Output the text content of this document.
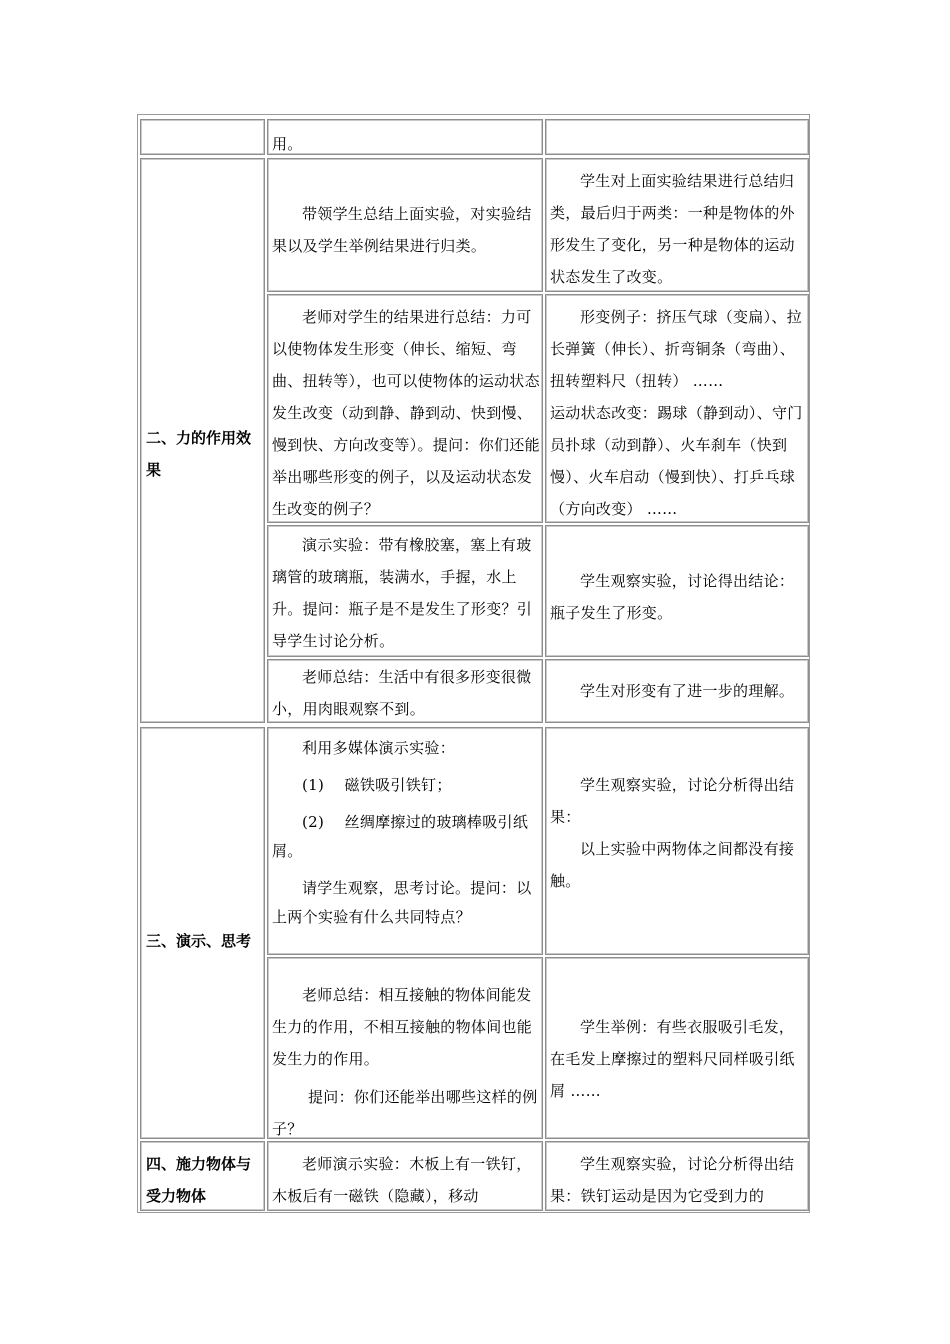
用。

二、力的作用效果

带领学生总结上面实验，对实验结果以及学生举例结果进行归类。

学生对上面实验结果进行总结归类，最后归于两类：一种是物体的外形发生了变化，另一种是物体的运动状态发生了改变。

老师对学生的结果进行总结：力可以使物体发生形变（伸长、缩短、弯曲、扭转等），也可以使物体的运动状态发生改变（动到静、静到动、快到慢、慢到快、方向改变等）。提问：你们还能举出哪些形变的例子，以及运动状态发生改变的例子？

形变例子：挤压气球（变扁）、拉长弹簧（伸长）、折弯铜条（弯曲）、扭转塑料尺（扭转） ……

运动状态改变：踢球（静到动）、守门员扑球（动到静）、火车刹车（快到慢）、火车启动（慢到快）、打乒乓球（方向改变） ……

演示实验：带有橡胶塞，塞上有玻璃管的玻璃瓶，装满水，手握，水上升。提问：瓶子是不是发生了形变？引导学生讨论分析。

学生观察实验，讨论得出结论：瓶子发生了形变。

老师总结：生活中有很多形变很微小，用肉眼观察不到。

学生对形变有了进一步的理解。

三、演示、思考

利用多媒体演示实验：

(1)　 磁铁吸引铁钉；

(2)　 丝绸摩擦过的玻璃棒吸引纸屑。

请学生观察，思考讨论。提问：以上两个实验有什么共同特点？

学生观察实验，讨论分析得出结果：

以上实验中两物体之间都没有接触。

老师总结：相互接触的物体间能发生力的作用，不相互接触的物体间也能发生力的作用。

提问：你们还能举出哪些这样的例子？

学生举例：有些衣服吸引毛发，在毛发上摩擦过的塑料尺同样吸引纸屑 ……

四、施力物体与受力物体

老师演示实验：木板上有一铁钉，木板后有一磁铁（隐藏），移动

学生观察实验，讨论分析得出结果：铁钉运动是因为它受到力的
